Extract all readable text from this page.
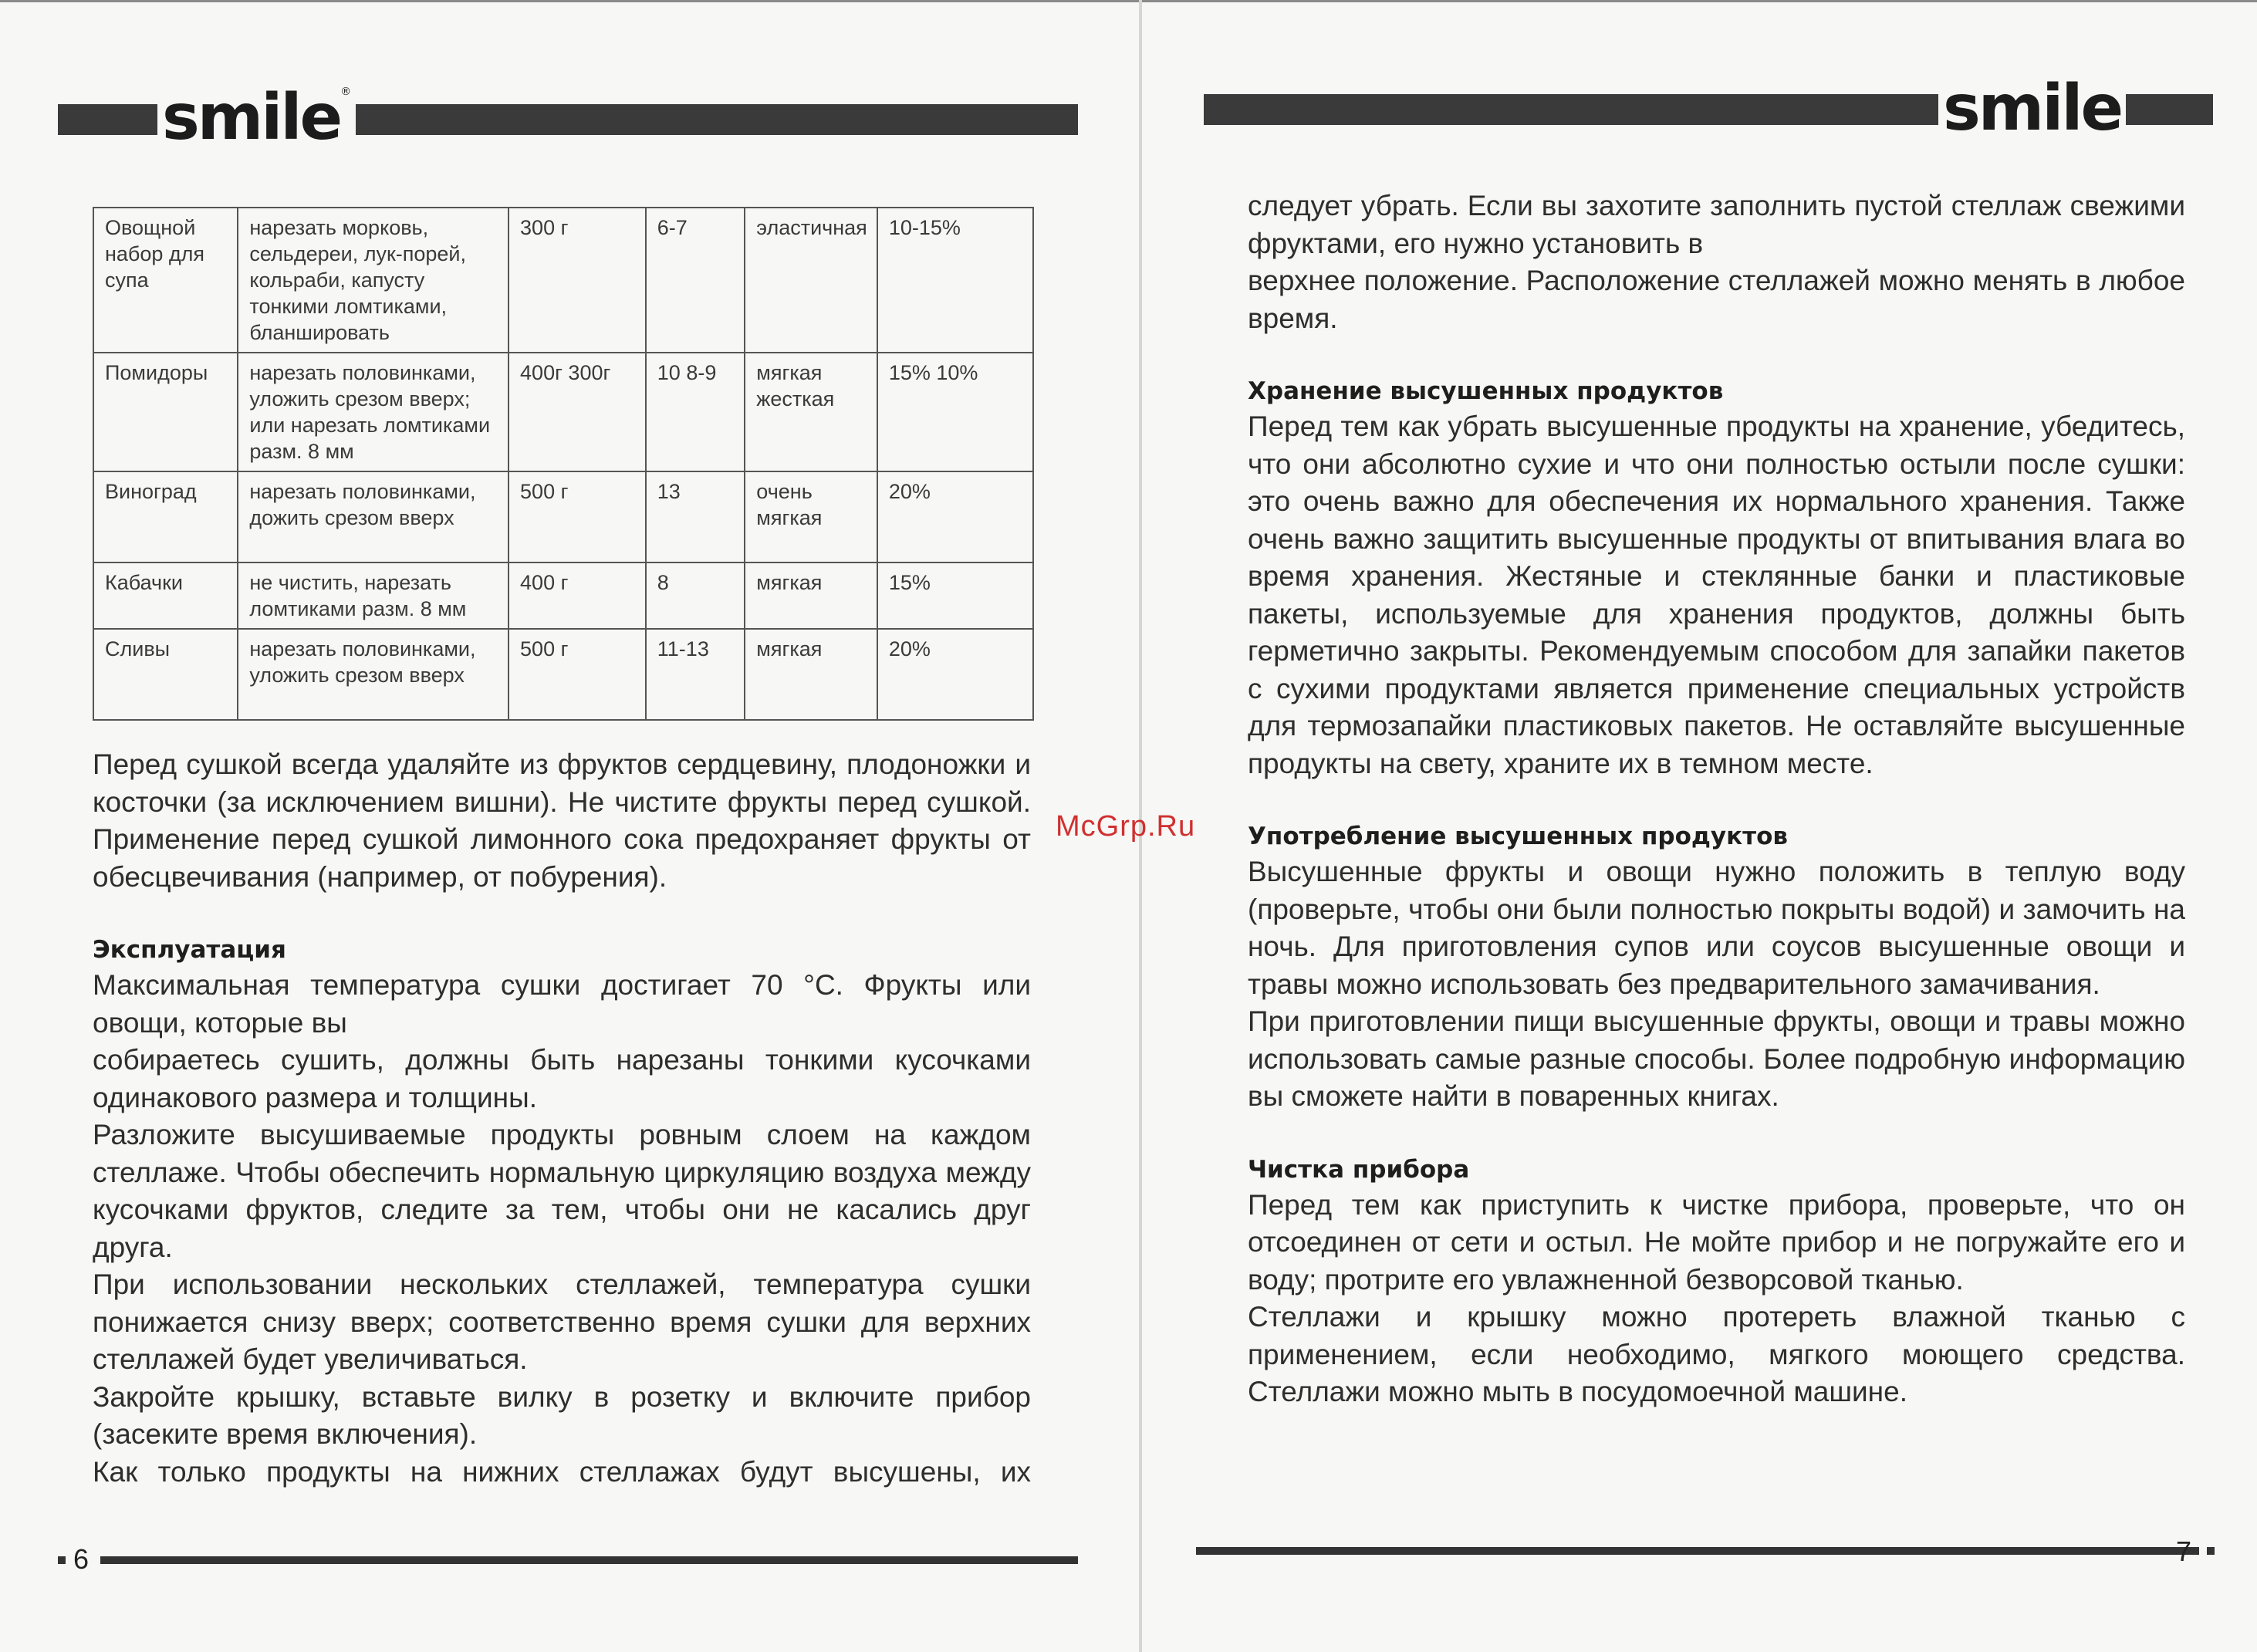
smile®
Овощной набор для супа	нарезать морковь, сельдереи, лук-порей, кольраби, капусту тонкими ломтиками, бланшировать	300 г	6-7	эластичная	10-15%
Помидоры	нарезать половинками, уложить срезом вверх; или нарезать ломтиками разм. 8 мм	400г 300г	10 8-9	мягкая жесткая	15% 10%
Виноград	нарезать половинками, дожить срезом вверх	500 г	13	очень мягкая	20%
Кабачки	не чистить, нарезать ломтиками разм. 8 мм	400 г	8	мягкая	15%
Сливы	нарезать половинками, уложить срезом вверх	500 г	11-13	мягкая	20%

Перед сушкой всегда удаляйте из фруктов сердцевину, плодоножки и косточки (за исключением вишни). Не чистите фрукты перед сушкой. Применение перед сушкой лимонного сока предохраняет фрукты от обесцвечивания (например, от побурения).

Эксплуатация

Максимальная температура сушки достигает 70 °С. Фрукты или овощи, которые вы

собираетесь сушить, должны быть нарезаны тонкими кусочками одинакового размера и толщины.

Разложите высушиваемые продукты ровным слоем на каждом стеллаже. Чтобы обеспечить нормальную циркуляцию воздуха между кусочками фруктов, следите за тем, чтобы они не касались друг друга.

При использовании нескольких стеллажей, температура сушки понижается снизу вверх; соответственно время сушки для верхних стеллажей будет увеличиваться.

Закройте крышку, вставьте вилку в розетку и включите прибор (засеките время включения).

Как только продукты на нижних стеллажах будут высушены, их

6
smile

следует убрать. Если вы захотите заполнить пустой стеллаж свежими фруктами, его нужно установить в

верхнее положение. Расположение стеллажей можно менять в любое время.

Хранение высушенных продуктов

Перед тем как убрать высушенные продукты на хранение, убедитесь, что они абсолютно сухие и что они полностью остыли после сушки: это очень важно для обеспечения их нормального хранения. Также очень важно защитить высушенные продукты от впитывания влага во время хранения. Жестяные и стеклянные банки и пластиковые пакеты, используемые для хранения продуктов, должны быть герметично закрыты. Рекомендуемым способом для запайки пакетов с сухими продуктами является применение специальных устройств для термозапайки пластиковых пакетов. Не оставляйте высушенные продукты на свету, храните их в темном месте.

Употребление высушенных продуктов

Высушенные фрукты и овощи нужно положить в теплую воду (проверьте, чтобы они были полностью покрыты водой) и замочить на ночь. Для приготовления супов или соусов высушенные овощи и травы можно использовать без предварительного замачивания.

При приготовлении пищи высушенные фрукты, овощи и травы можно использовать самые разные способы. Более подробную информацию вы сможете найти в поваренных книгах.

Чистка прибора

Перед тем как приступить к чистке прибора, проверьте, что он отсоединен от сети и остыл. Не мойте прибор и не погружайте его и воду; протрите его увлажненной безворсовой тканью.

Стеллажи и крышку можно протереть влажной тканью с применением, если необходимо, мягкого моющего средства. Стеллажи можно мыть в посудомоечной машине.

7
McGrp.Ru
